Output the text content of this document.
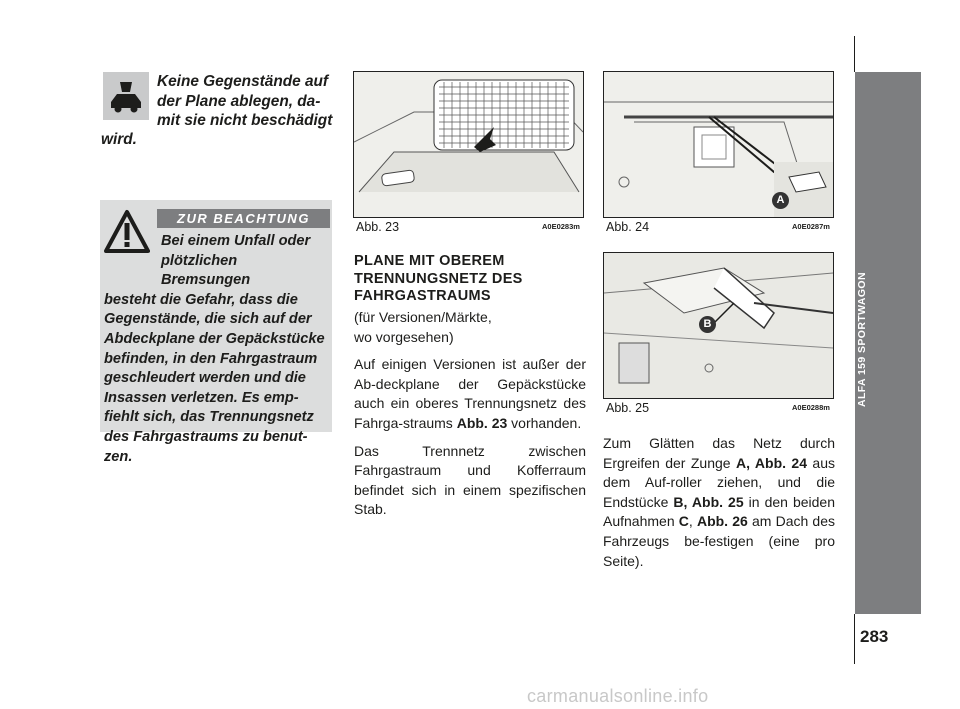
Keine Gegenstände auf
der Plane ablegen, da-
mit sie nicht beschädigt
wird.
ZUR BEACHTUNG
Bei einem Unfall oder
plötzlichen Bremsungen
besteht die Gefahr, dass die
Gegenstände, die sich auf der
Abdeckplane der Gepäckstücke
befinden, in den Fahrgastraum
geschleudert werden und die
Insassen verletzen. Es emp-
fiehlt sich, das Trennungsnetz
des Fahrgastraums zu benut-
zen.
Abb. 23	A0E0283m
A
Abb. 24	A0E0287m
B
Abb. 25	A0E0288m
PLANE MIT OBEREM
TRENNUNGSNETZ DES
FAHRGASTRAUMS

(für Versionen/Märkte,

wo vorgesehen)

Auf einigen Versionen ist außer der Ab-deckplane der Gepäckstücke auch ein oberes Trennungsnetz des Fahrga-straums Abb. 23 vorhanden.

Das Trennnetz zwischen Fahrgastraum und Kofferraum befindet sich in einem spezifischen Stab.

Zum Glätten das Netz durch Ergreifen der Zunge A, Abb. 24 aus dem Auf-roller ziehen, und die Endstücke B, Abb. 25 in den beiden Aufnahmen C, Abb. 26 am Dach des Fahrzeugs be-festigen (eine pro Seite).
ALFA 159 SPORTWAGON
283
carmanualsonline.info
